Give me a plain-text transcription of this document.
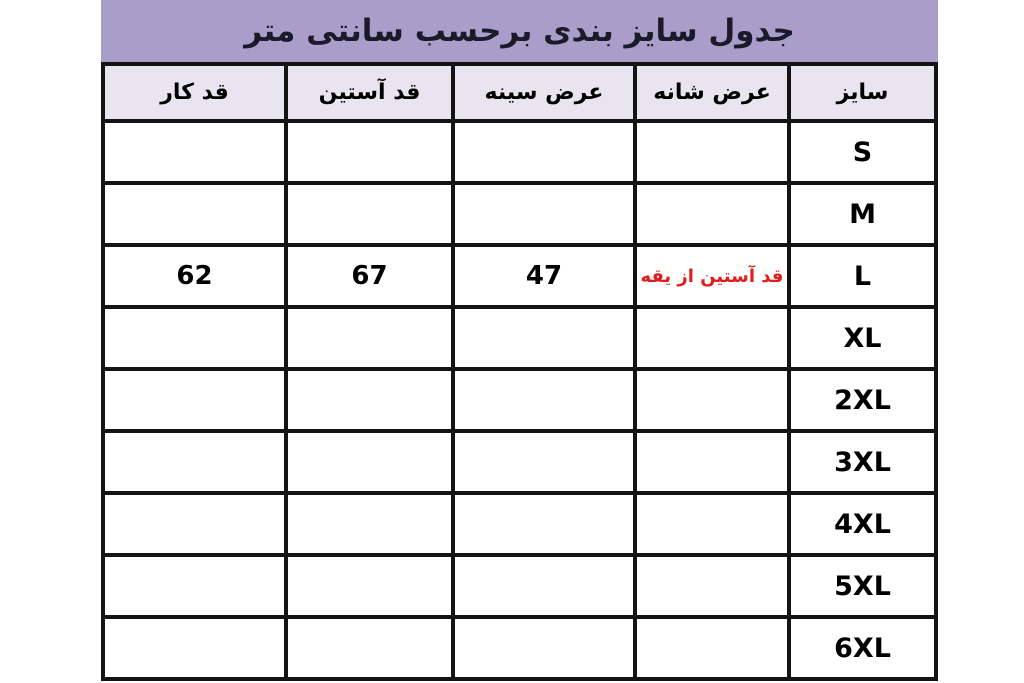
جدول سایز بندی برحسب سانتی متر
سایز	عرض شانه	عرض سینه	قد آستین	قد کار
S				
M				
L	قد آستین از یقه	47	67	62
XL				
2XL				
3XL				
4XL				
5XL				
6XL				
